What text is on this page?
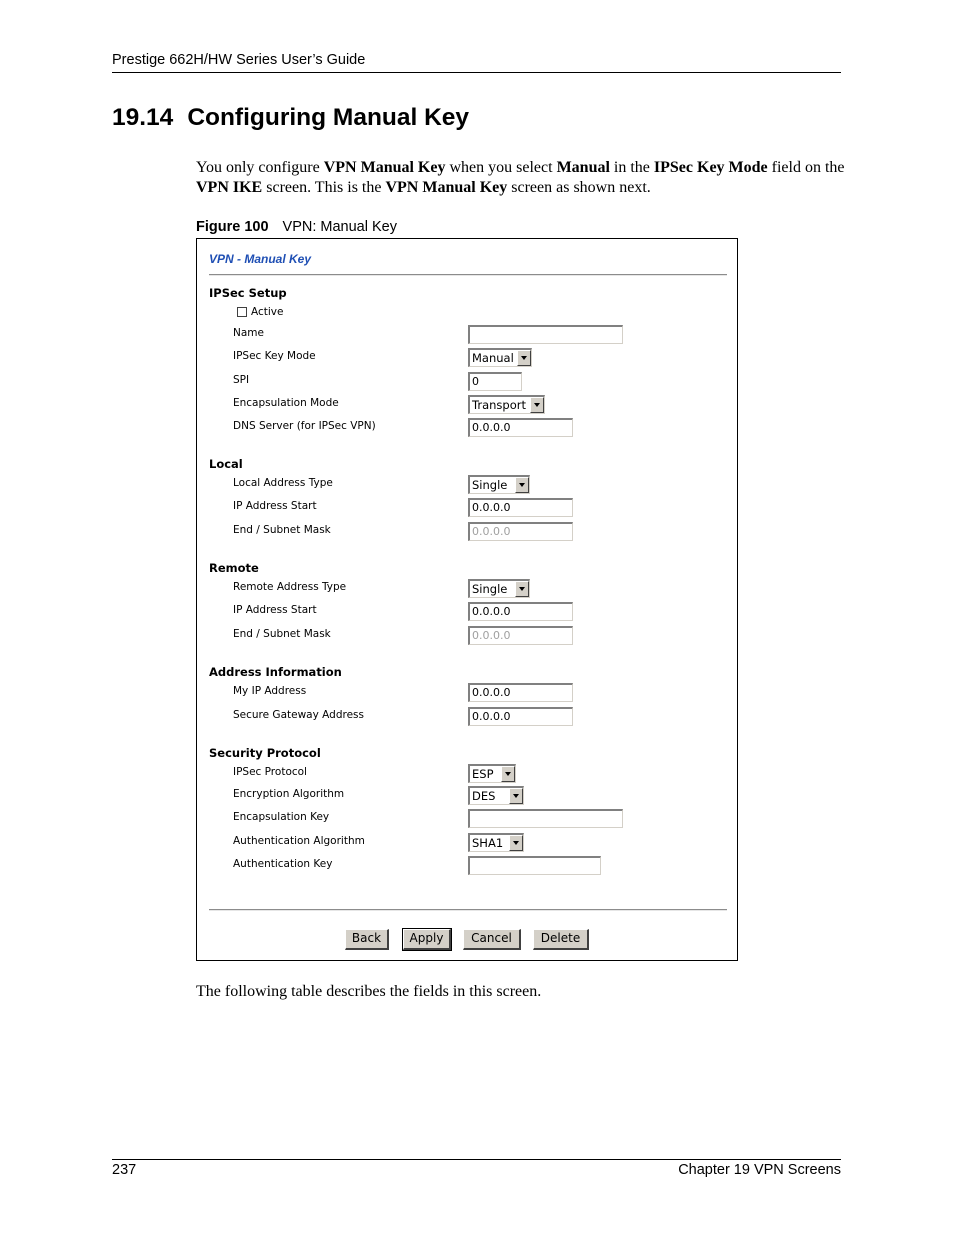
Prestige 662H/HW Series User’s Guide
19.14 Configuring Manual Key

You only configure VPN Manual Key when you select Manual in the IPSec Key Mode field on the VPN IKE screen. This is the VPN Manual Key screen as shown next.

Figure 100 VPN: Manual Key
VPN - Manual Key
IPSec Setup
Active
Name
IPSec Key Mode	Manual
SPI	0
Encapsulation Mode	Transport
DNS Server (for IPSec VPN)	0.0.0.0
Local
Local Address Type	Single
IP Address Start	0.0.0.0
End / Subnet Mask	0.0.0.0
Remote
Remote Address Type	Single
IP Address Start	0.0.0.0
End / Subnet Mask	0.0.0.0
Address Information
My IP Address	0.0.0.0
Secure Gateway Address	0.0.0.0
Security Protocol
IPSec Protocol	ESP
Encryption Algorithm	DES
Encapsulation Key
Authentication Algorithm	SHA1
Authentication Key
Back	Apply	Cancel	Delete
The following table describes the fields in this screen.
237	Chapter 19 VPN Screens
